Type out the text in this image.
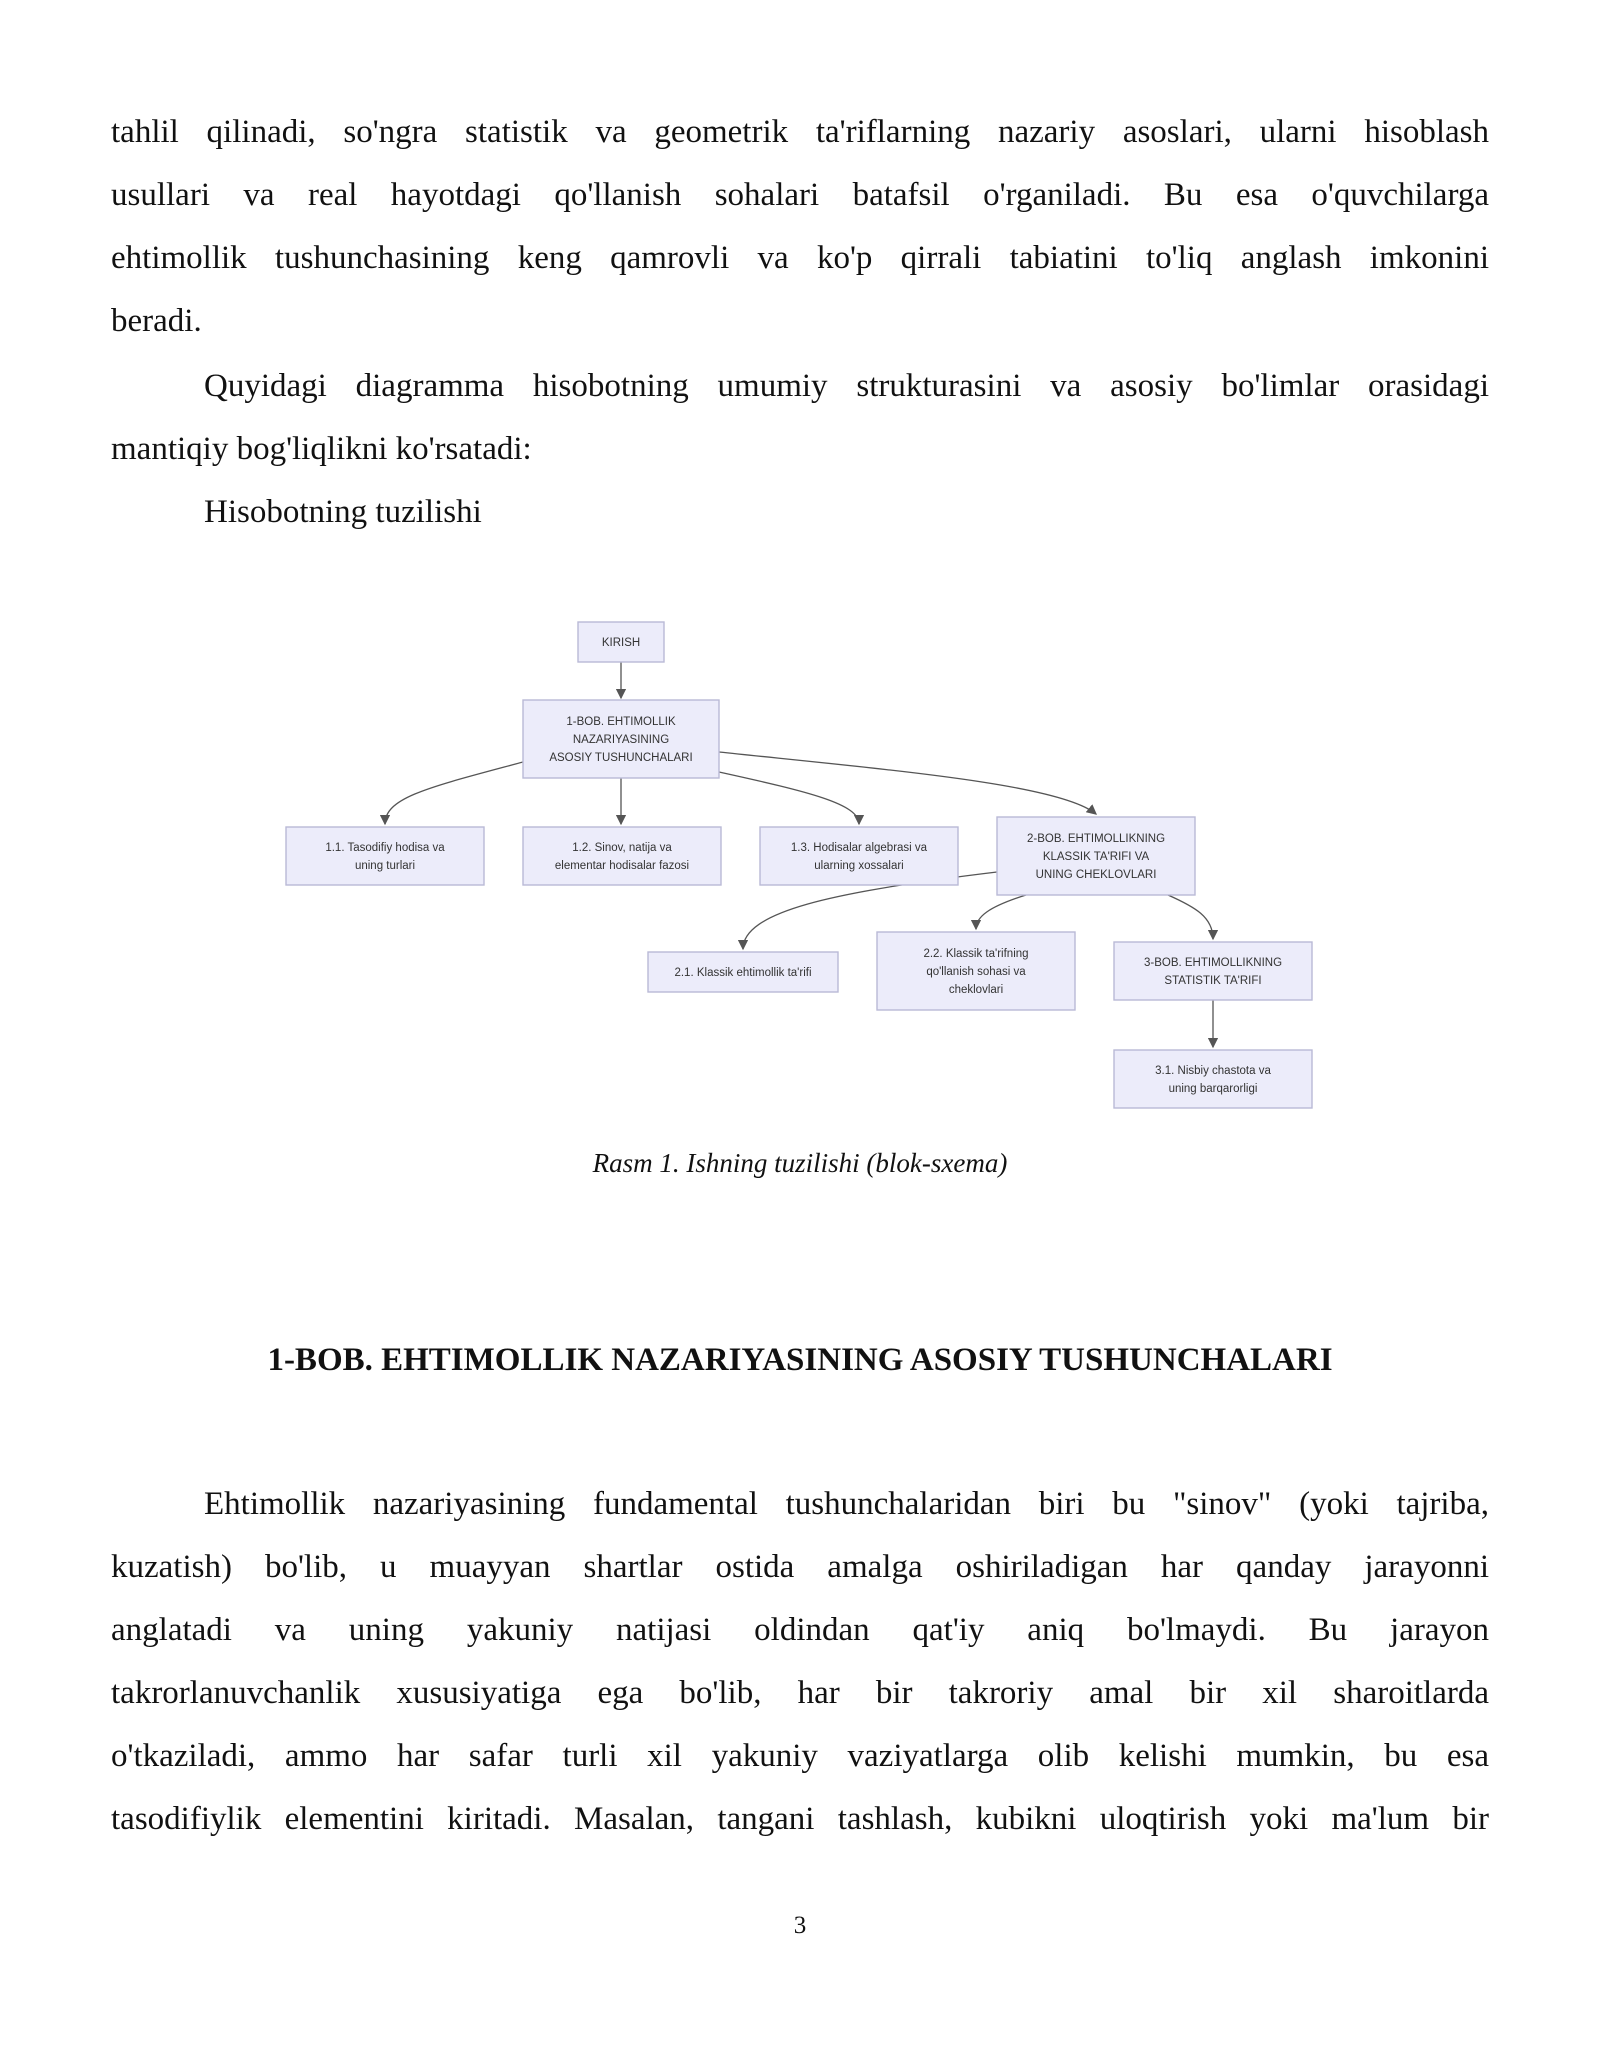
tahlil qilinadi, so'ngra statistik va geometrik ta'riflarning nazariy asoslari, ularni hisoblash
usullari va real hayotdagi qo'llanish sohalari batafsil o'rganiladi. Bu esa o'quvchilarga
ehtimollik tushunchasining keng qamrovli va ko'p qirrali tabiatini to'liq anglash imkonini
beradi.
Quyidagi diagramma hisobotning umumiy strukturasini va asosiy bo'limlar orasidagi
mantiqiy bog'liqlikni ko'rsatadi:
Hisobotning tuzilishi
KIRISH
1-BOB. EHTIMOLLIK
NAZARIYASINING
ASOSIY TUSHUNCHALARI
1.1. Tasodifiy hodisa va
uning turlari
1.2. Sinov, natija va
elementar hodisalar fazosi
1.3. Hodisalar algebrasi va
ularning xossalari
2-BOB. EHTIMOLLIKNING
KLASSIK TA'RIFI VA
UNING CHEKLOVLARI
2.1. Klassik ehtimollik ta'rifi
2.2. Klassik ta'rifning
qo'llanish sohasi va
cheklovlari
3-BOB. EHTIMOLLIKNING
STATISTIK TA'RIFI
3.1. Nisbiy chastota va
uning barqarorligi
Rasm 1. Ishning tuzilishi (blok-sxema)
1-BOB. EHTIMOLLIK NAZARIYASINING ASOSIY TUSHUNCHALARI
Ehtimollik nazariyasining fundamental tushunchalaridan biri bu "sinov" (yoki tajriba,
kuzatish) bo'lib, u muayyan shartlar ostida amalga oshiriladigan har qanday jarayonni
anglatadi va uning yakuniy natijasi oldindan qat'iy aniq bo'lmaydi. Bu jarayon
takrorlanuvchanlik xususiyatiga ega bo'lib, har bir takroriy amal bir xil sharoitlarda
o'tkaziladi, ammo har safar turli xil yakuniy vaziyatlarga olib kelishi mumkin, bu esa
tasodifiylik elementini kiritadi. Masalan, tangani tashlash, kubikni uloqtirish yoki ma'lum bir
3
